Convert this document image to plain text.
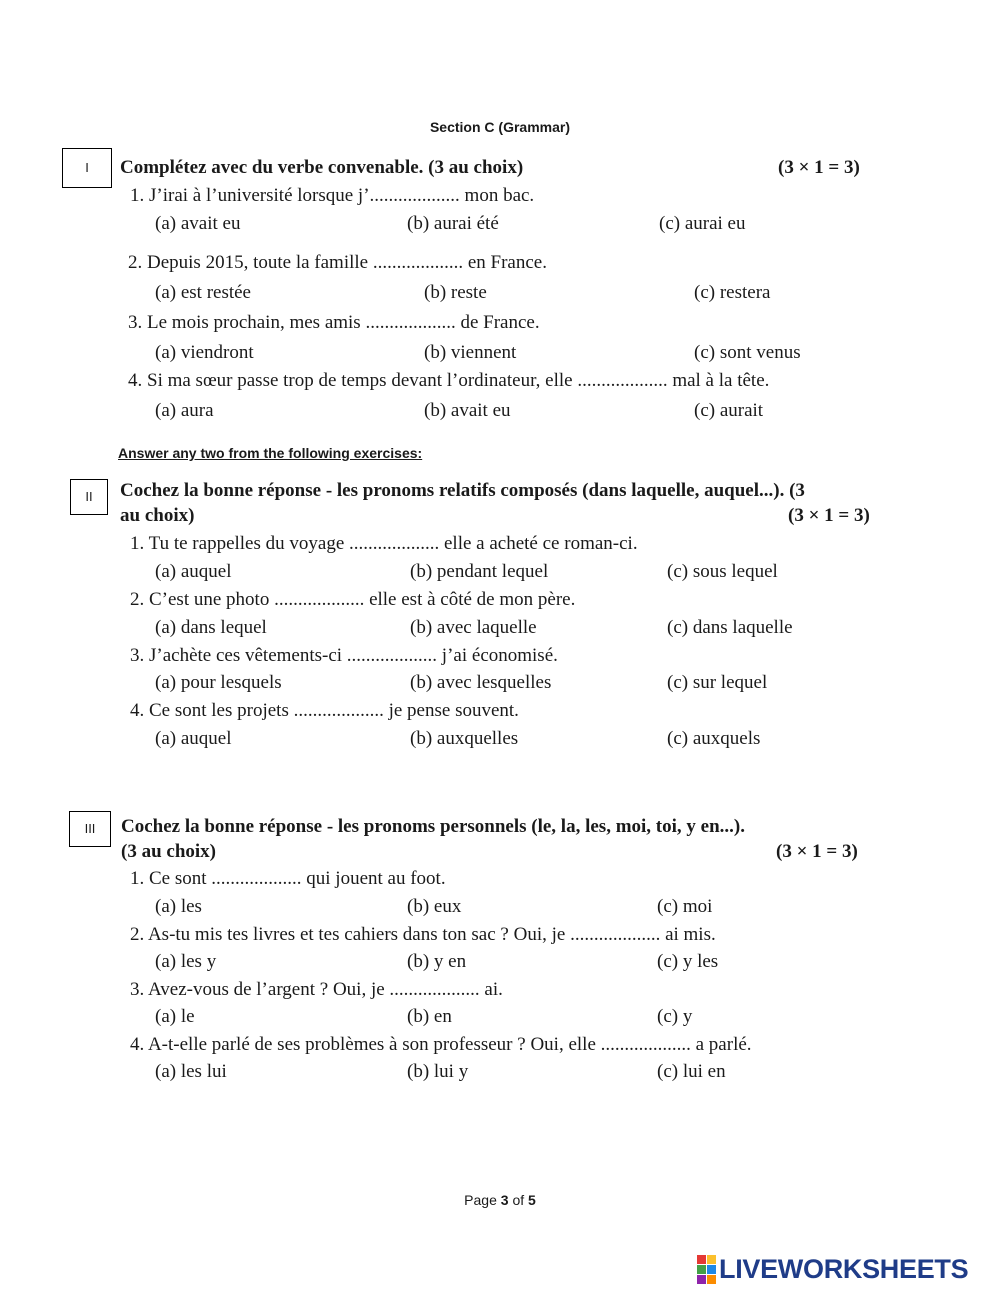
Section C (Grammar)
I	Complétez avec du verbe convenable. (3 au choix)	(3 × 1 = 3)
1. J’irai à l’université lorsque j’................... mon bac.
(a) avait eu	(b) aurai été	(c) aurai eu
2. Depuis 2015, toute la famille ................... en France.
(a) est restée	(b) reste	(c) restera
3. Le mois prochain, mes amis ................... de France.
(a) viendront	(b) viennent	(c) sont venus
4. Si ma sœur passe trop de temps devant l’ordinateur, elle ................... mal à la tête.
(a) aura	(b) avait eu	(c) aurait
Answer any two from the following exercises:
II	Cochez la bonne réponse - les pronoms relatifs composés (dans laquelle, auquel...). (3
au choix)	(3 × 1 = 3)
1. Tu te rappelles du voyage ................... elle a acheté ce roman-ci.
(a) auquel	(b) pendant lequel	(c) sous lequel
2. C’est une photo ................... elle est à côté de mon père.
(a) dans lequel	(b) avec laquelle	(c) dans laquelle
3. J’achète ces vêtements-ci ................... j’ai économisé.
(a) pour lesquels	(b) avec lesquelles	(c) sur lequel
4. Ce sont les projets ................... je pense souvent.
(a) auquel	(b) auxquelles	(c) auxquels
III	Cochez la bonne réponse - les pronoms personnels (le, la, les, moi, toi, y en...).
(3 au choix)	(3 × 1 = 3)
1. Ce sont ................... qui jouent au foot.
(a) les	(b) eux	(c) moi
2. As-tu mis tes livres et tes cahiers dans ton sac ? Oui, je ................... ai mis.
(a) les y	(b) y en	(c) y les
3. Avez-vous de l’argent ? Oui, je ................... ai.
(a) le	(b) en	(c) y
4. A-t-elle parlé de ses problèmes à son professeur ? Oui, elle ................... a parlé.
(a) les lui	(b) lui y	(c) lui en
Page 3 of 5
LIVEWORKSHEETS
